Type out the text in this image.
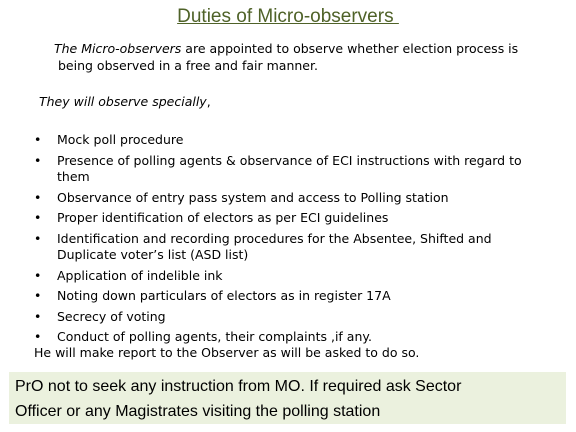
Duties of Micro-observers
The Micro-observers are appointed to observe whether election process is
being observed in a free and fair manner.
They will observe specially,
• Mock poll procedure
• Presence of polling agents & observance of ECI instructions with regard to
them
• Observance of entry pass system and access to Polling station
• Proper identification of electors as per ECI guidelines
• Identification and recording procedures for the Absentee, Shifted and
Duplicate voter’s list (ASD list)
• Application of indelible ink
• Noting down particulars of electors as in register 17A
• Secrecy of voting
• Conduct of polling agents, their complaints ,if any.
He will make report to the Observer as will be asked to do so.
PrO not to seek any instruction from MO. If required ask Sector
Officer or any Magistrates visiting the polling station
